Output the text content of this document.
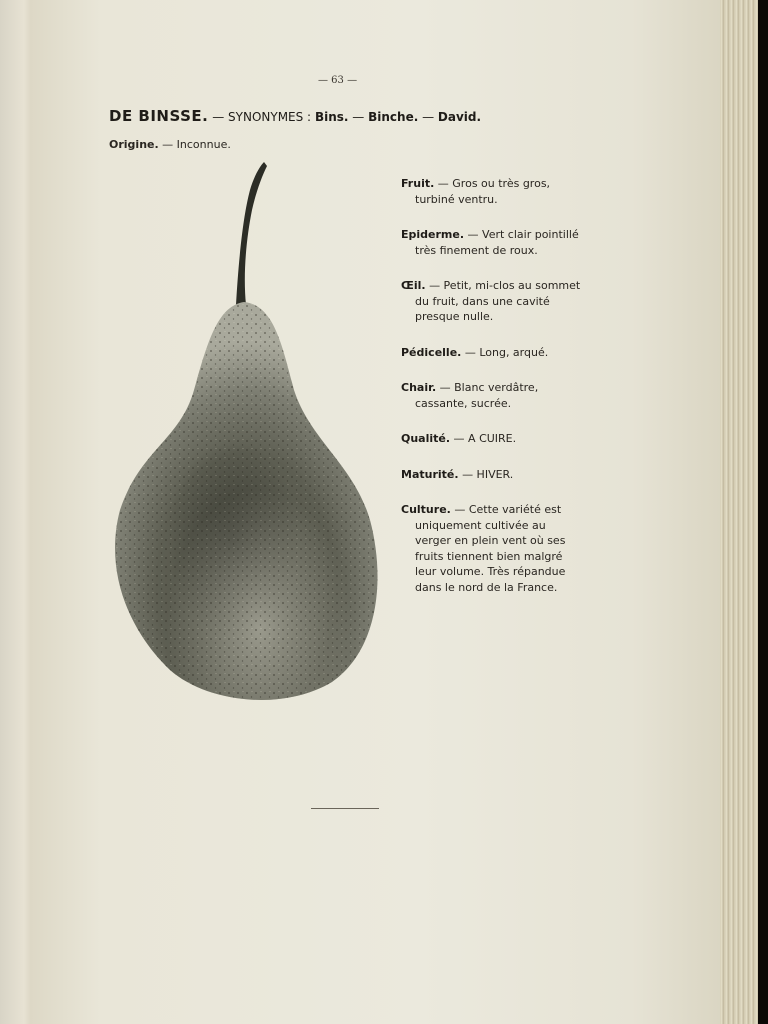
— 63 —
DE BINSSE. — SYNONYMES : Bins. — Binche. — David.
Origine. — Inconnue.
Fruit. — Gros ou très gros, turbiné ventru.
Epiderme. — Vert clair pointillé très finement de roux.
Œil. — Petit, mi-clos au sommet du fruit, dans une cavité presque nulle.
Pédicelle. — Long, arqué.
Chair. — Blanc verdâtre, cassante, sucrée.
Qualité. — A CUIRE.
Maturité. — HIVER.
Culture. — Cette variété est uniquement cultivée au verger en plein vent où ses fruits tiennent bien malgré leur volume. Très répandue dans le nord de la France.
